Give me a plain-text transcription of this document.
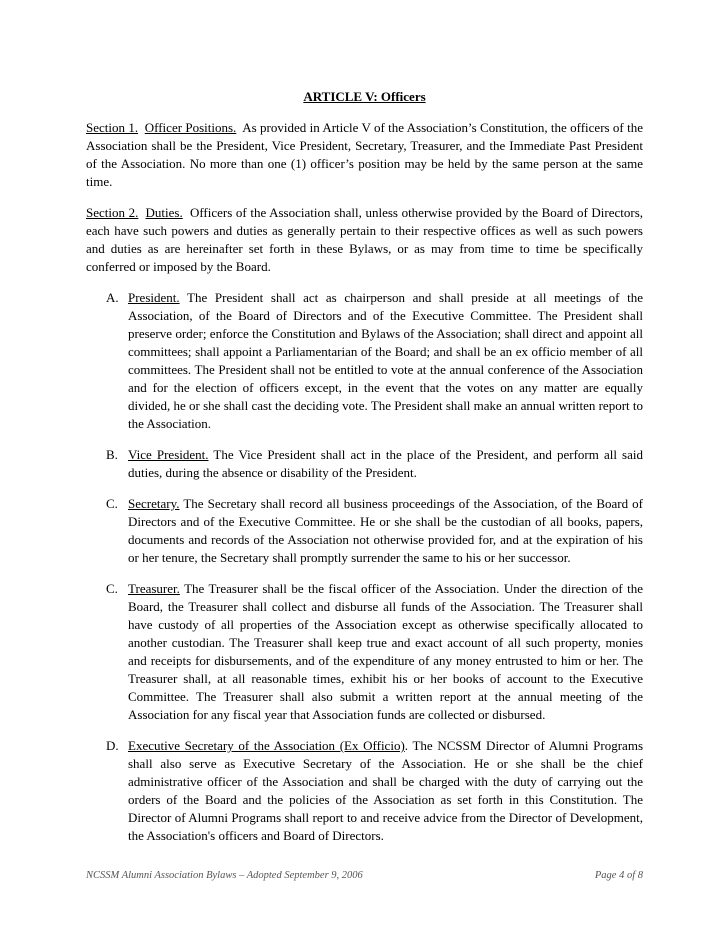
ARTICLE V: Officers

Section 1. Officer Positions. As provided in Article V of the Association’s Constitution, the officers of the Association shall be the President, Vice President, Secretary, Treasurer, and the Immediate Past President of the Association. No more than one (1) officer’s position may be held by the same person at the same time.

Section 2. Duties. Officers of the Association shall, unless otherwise provided by the Board of Directors, each have such powers and duties as generally pertain to their respective offices as well as such powers and duties as are hereinafter set forth in these Bylaws, or as may from time to time be specifically conferred or imposed by the Board.

A. President. The President shall act as chairperson and shall preside at all meetings of the Association, of the Board of Directors and of the Executive Committee. The President shall preserve order; enforce the Constitution and Bylaws of the Association; shall direct and appoint all committees; shall appoint a Parliamentarian of the Board; and shall be an ex officio member of all committees. The President shall not be entitled to vote at the annual conference of the Association and for the election of officers except, in the event that the votes on any matter are equally divided, he or she shall cast the deciding vote. The President shall make an annual written report to the Association.

B. Vice President. The Vice President shall act in the place of the President, and perform all said duties, during the absence or disability of the President.

C. Secretary. The Secretary shall record all business proceedings of the Association, of the Board of Directors and of the Executive Committee. He or she shall be the custodian of all books, papers, documents and records of the Association not otherwise provided for, and at the expiration of his or her tenure, the Secretary shall promptly surrender the same to his or her successor.

C. Treasurer. The Treasurer shall be the fiscal officer of the Association. Under the direction of the Board, the Treasurer shall collect and disburse all funds of the Association. The Treasurer shall have custody of all properties of the Association except as otherwise specifically allocated to another custodian. The Treasurer shall keep true and exact account of all such property, monies and receipts for disbursements, and of the expenditure of any money entrusted to him or her. The Treasurer shall, at all reasonable times, exhibit his or her books of account to the Executive Committee. The Treasurer shall also submit a written report at the annual meeting of the Association for any fiscal year that Association funds are collected or disbursed.

D. Executive Secretary of the Association (Ex Officio). The NCSSM Director of Alumni Programs shall also serve as Executive Secretary of the Association. He or she shall be the chief administrative officer of the Association and shall be charged with the duty of carrying out the orders of the Board and the policies of the Association as set forth in this Constitution. The Director of Alumni Programs shall report to and receive advice from the Director of Development, the Association's officers and Board of Directors.

NCSSM Alumni Association Bylaws – Adopted September 9, 2006	Page 4 of 8
